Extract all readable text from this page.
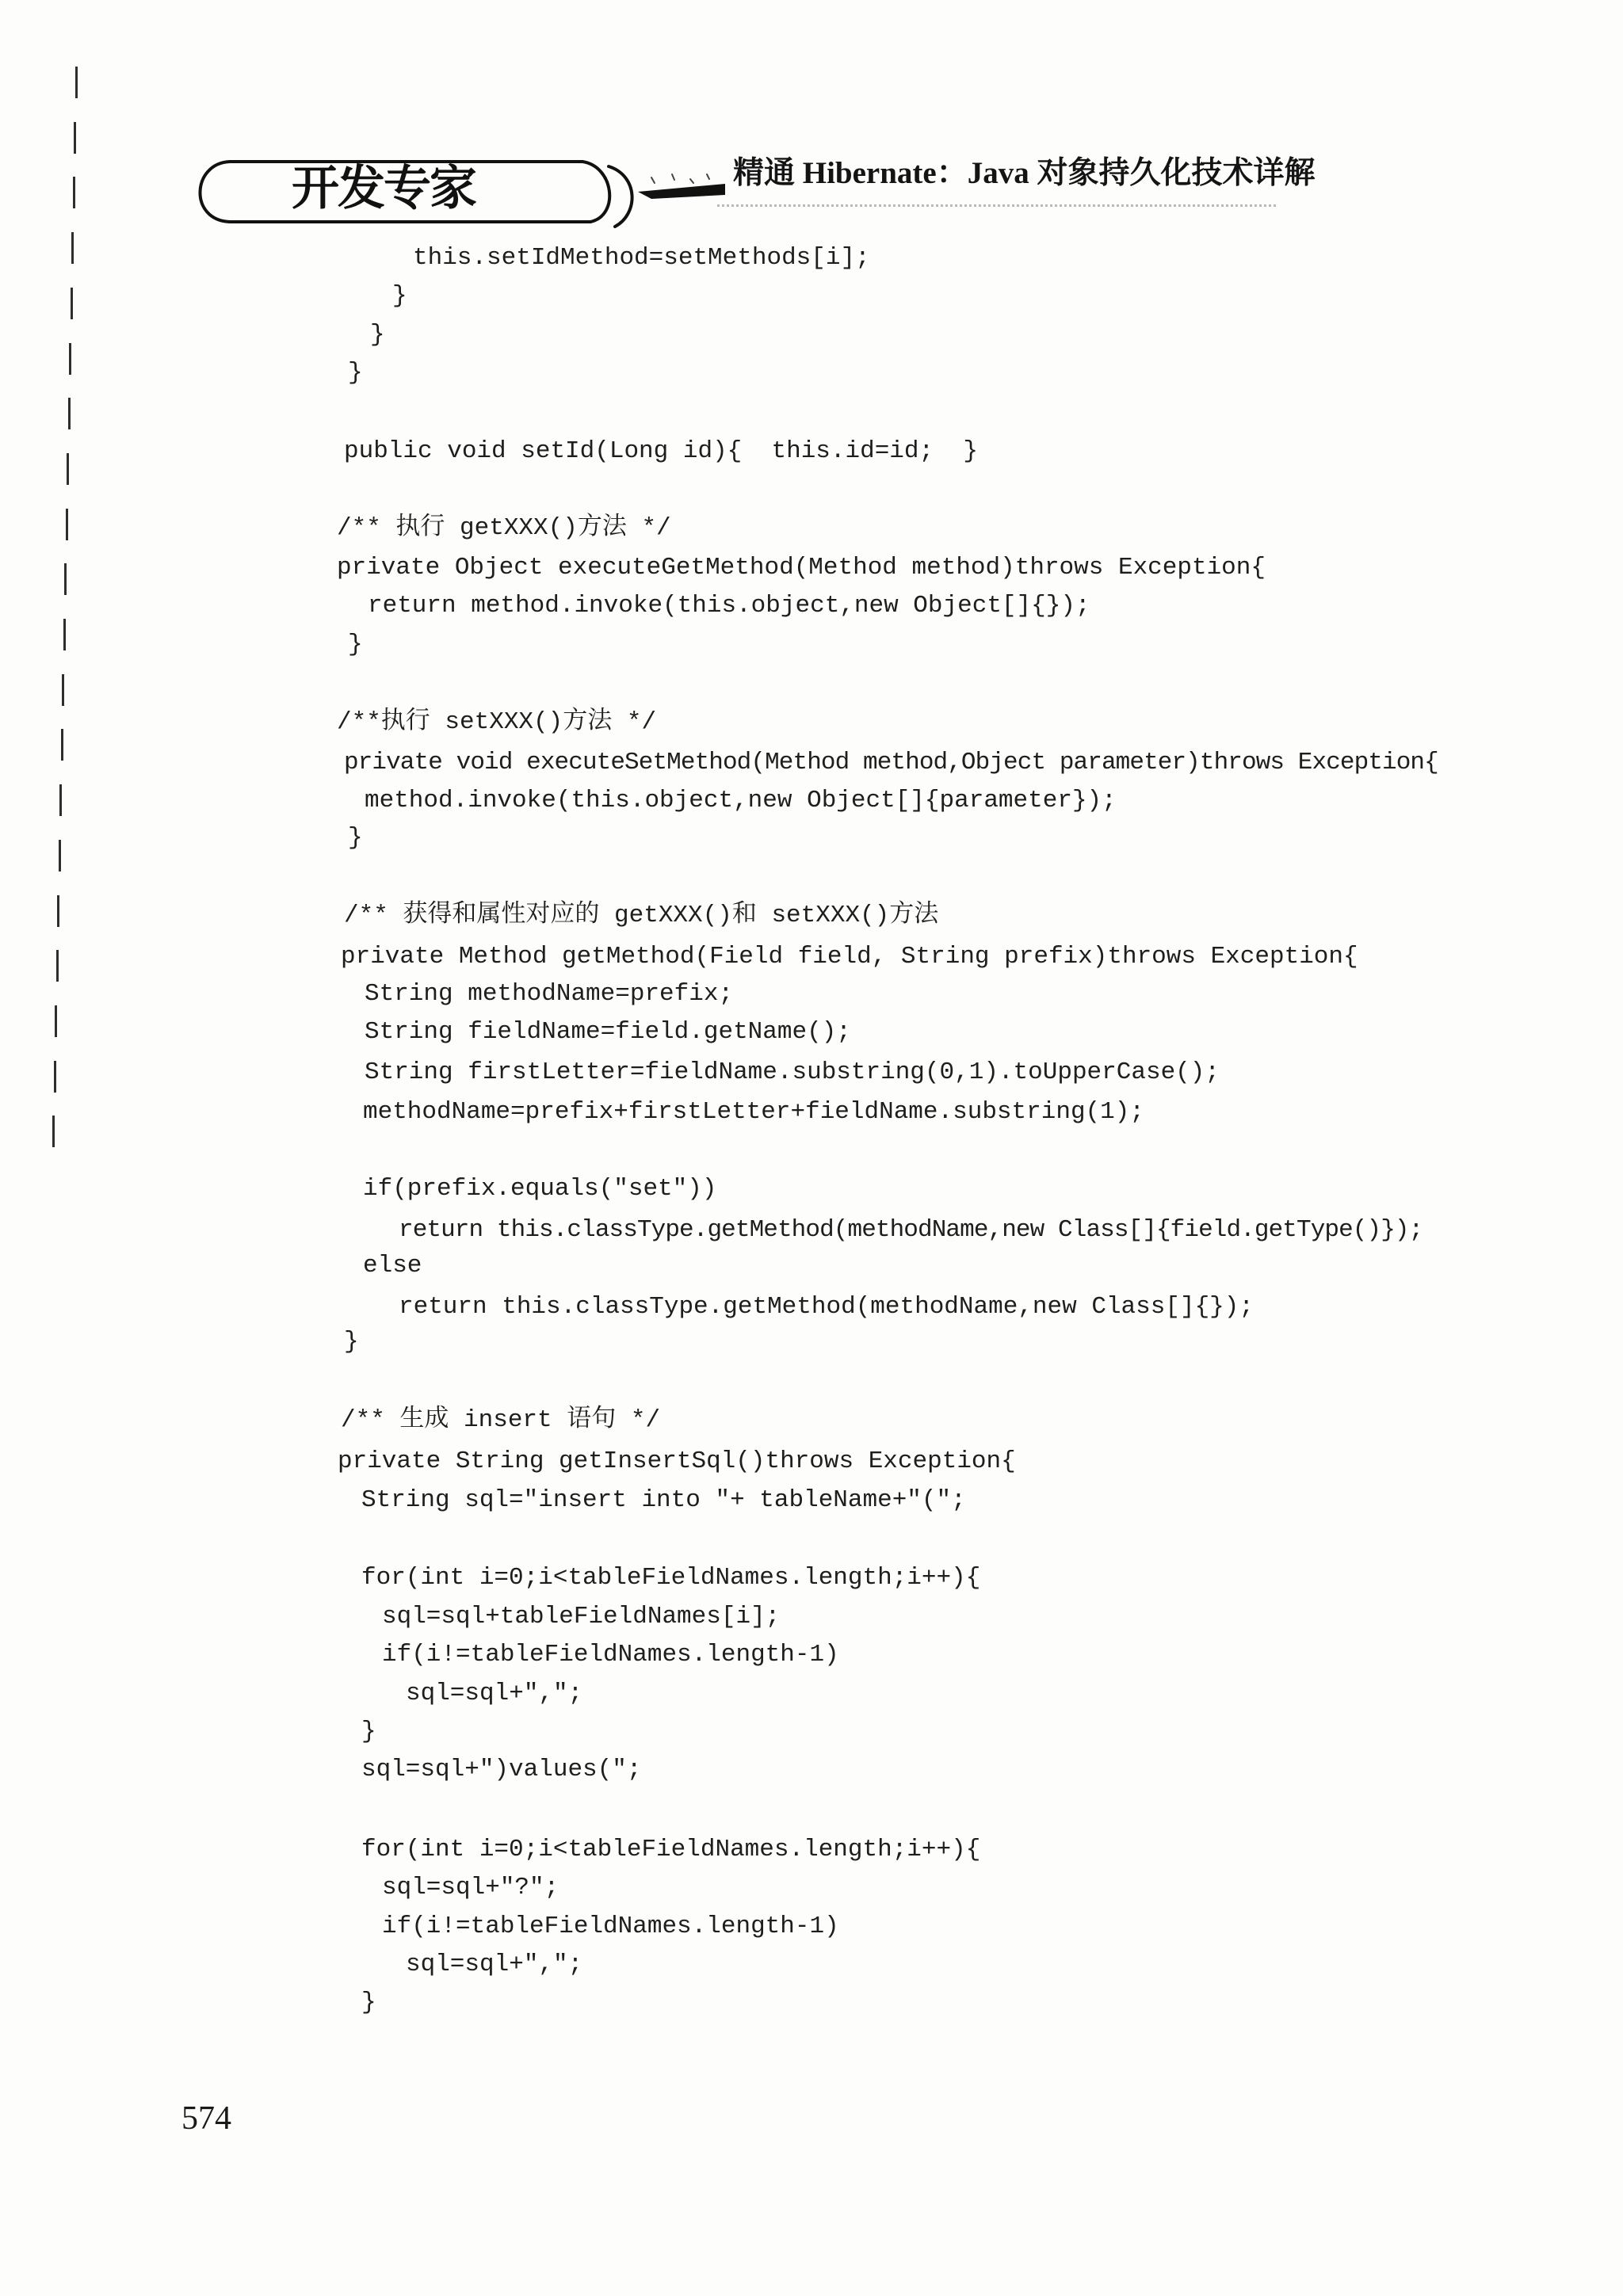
开发专家	精通 Hibernate：Java 对象持久化技术详解
this.setIdMethod=setMethods[i];
}
}
}
public void setId(Long id){  this.id=id;  }
/** 执行 getXXX()方法 */
private Object executeGetMethod(Method method)throws Exception{
return method.invoke(this.object,new Object[]{});
}
/**执行 setXXX()方法 */
private void executeSetMethod(Method method,Object parameter)throws Exception{
method.invoke(this.object,new Object[]{parameter});
}
/** 获得和属性对应的 getXXX()和 setXXX()方法
private Method getMethod(Field field, String prefix)throws Exception{
String methodName=prefix;
String fieldName=field.getName();
String firstLetter=fieldName.substring(0,1).toUpperCase();
methodName=prefix+firstLetter+fieldName.substring(1);
if(prefix.equals("set"))
return this.classType.getMethod(methodName,new Class[]{field.getType()});
else
return this.classType.getMethod(methodName,new Class[]{});
}
/** 生成 insert 语句 */
private String getInsertSql()throws Exception{
String sql="insert into "+ tableName+"(";
for(int i=0;i<tableFieldNames.length;i++){
sql=sql+tableFieldNames[i];
if(i!=tableFieldNames.length-1)
sql=sql+",";
}
sql=sql+")values(";
for(int i=0;i<tableFieldNames.length;i++){
sql=sql+"?";
if(i!=tableFieldNames.length-1)
sql=sql+",";
}
574
